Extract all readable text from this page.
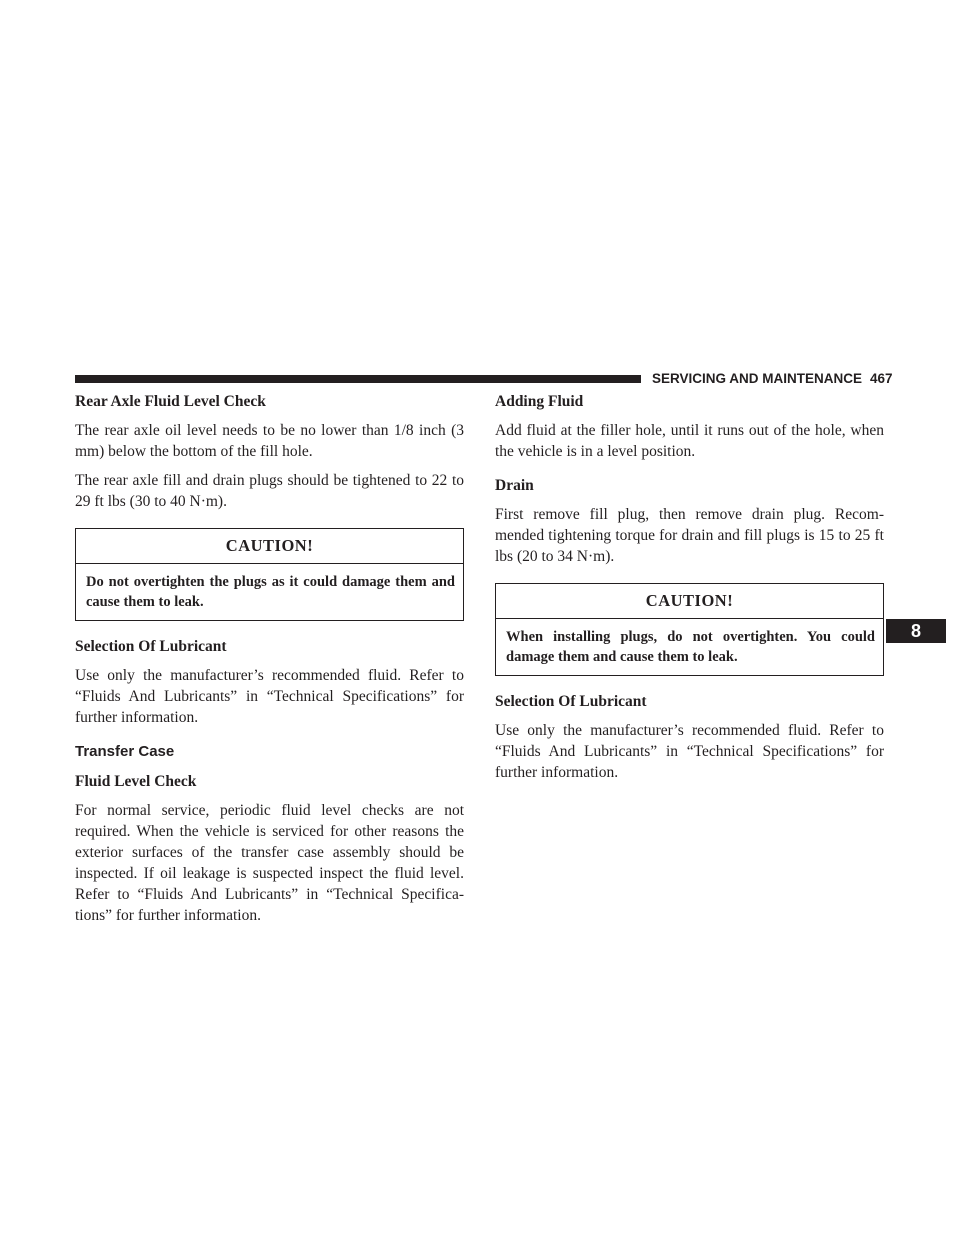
SERVICING AND MAINTENANCE 467
8
Rear Axle Fluid Level Check

The rear axle oil level needs to be no lower than 1/8 inch (3 mm) below the bottom of the fill hole.

The rear axle fill and drain plugs should be tightened to 22 to 29 ft lbs (30 to 40 N·m).

CAUTION!
Do not overtighten the plugs as it could damage them and cause them to leak.
Selection Of Lubricant

Use only the manufacturer’s recommended fluid. Refer to “Fluids And Lubricants” in “Technical Specifications” for further information.

Transfer Case
Fluid Level Check

For normal service, periodic fluid level checks are not required. When the vehicle is serviced for other reasons the exterior surfaces of the transfer case assembly should be inspected. If oil leakage is suspected inspect the fluid level. Refer to “Fluids And Lubricants” in “Technical Specifica- tions” for further information.

Adding Fluid

Add fluid at the filler hole, until it runs out of the hole, when the vehicle is in a level position.

Drain

First remove fill plug, then remove drain plug. Recom- mended tightening torque for drain and fill plugs is 15 to 25 ft lbs (20 to 34 N·m).

CAUTION!
When installing plugs, do not overtighten. You could damage them and cause them to leak.
Selection Of Lubricant

Use only the manufacturer’s recommended fluid. Refer to “Fluids And Lubricants” in “Technical Specifications” for further information.
